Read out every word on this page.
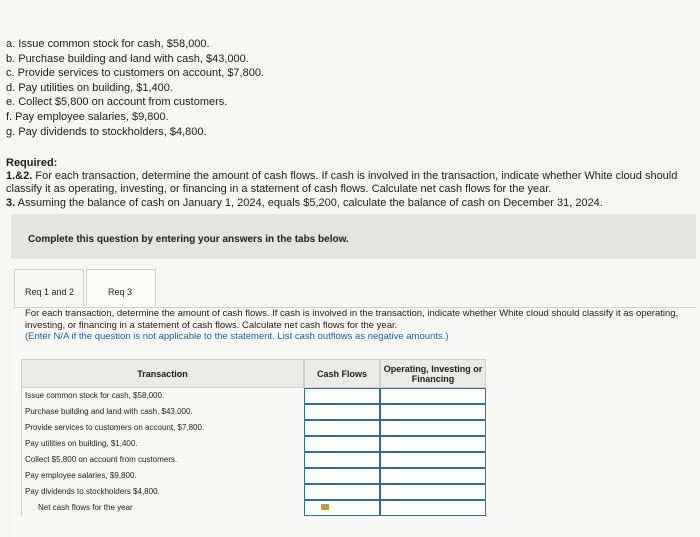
a. Issue common stock for cash, $58,000.
b. Purchase building and land with cash, $43,000.
c. Provide services to customers on account, $7,800.
d. Pay utilities on building, $1,400.
e. Collect $5,800 on account from customers.
f. Pay employee salaries, $9,800.
g. Pay dividends to stockholders, $4,800.
Required:
1.&2. For each transaction, determine the amount of cash flows. If cash is involved in the transaction, indicate whether White cloud should classify it as operating, investing, or financing in a statement of cash flows. Calculate net cash flows for the year.
3. Assuming the balance of cash on January 1, 2024, equals $5,200, calculate the balance of cash on December 31, 2024.
Complete this question by entering your answers in the tabs below.
Req 1 and 2	Req 3
For each transaction, determine the amount of cash flows. If cash is involved in the transaction, indicate whether White cloud should classify it as operating, investing, or financing in a statement of cash flows. Calculate net cash flows for the year.
(Enter N/A if the question is not applicable to the statement. List cash outflows as negative amounts.)
Transaction	Cash Flows	Operating, Investing or Financing
Issue common stock for cash, $58,000.
Purchase building and land with cash, $43,000.
Provide services to customers on account, $7,800.
Pay utilities on building, $1,400.
Collect $5,800 on account from customers.
Pay employee salaries, $9,800.
Pay dividends to stockholders $4,800.
Net cash flows for the year
